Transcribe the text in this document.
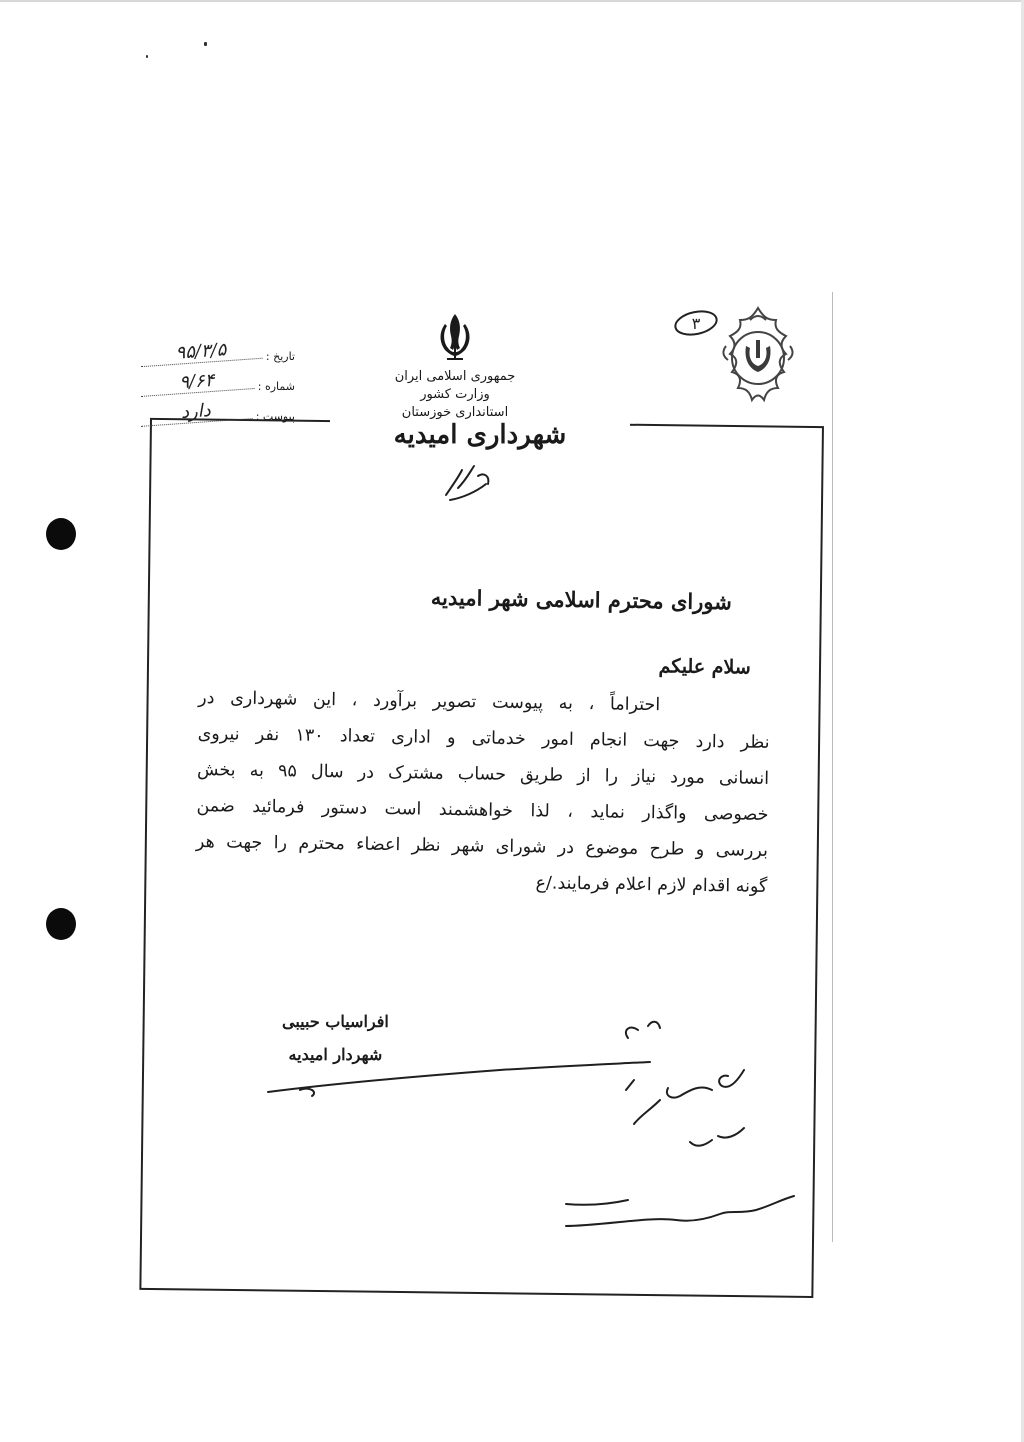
جمهوری اسلامی ایران

وزارت کشور

استانداری خوزستان

شهرداری امیدیه
تاریخ :
۹۵/۳/۵
شماره :
۹/۶۴
پیوست :
دارد
۳

شورای محترم اسلامی شهر امیدیه

سلام علیکم

احتراماً ، به پیوست تصویر برآورد ، این شهرداری در

نظر دارد جهت انجام امور خدماتی و اداری تعداد ۱۳۰ نفر نیروی

انسانی مورد نیاز را از طریق حساب مشترک در سال ۹۵ به بخش

خصوصی واگذار نماید ، لذا خواهشمند است دستور فرمائید ضمن

بررسی و طرح موضوع در شورای شهر نظر اعضاء محترم را جهت هر

گونه اقدام لازم اعلام فرمایند./ع

افراسیاب حبیبی

شهردار امیدیه
